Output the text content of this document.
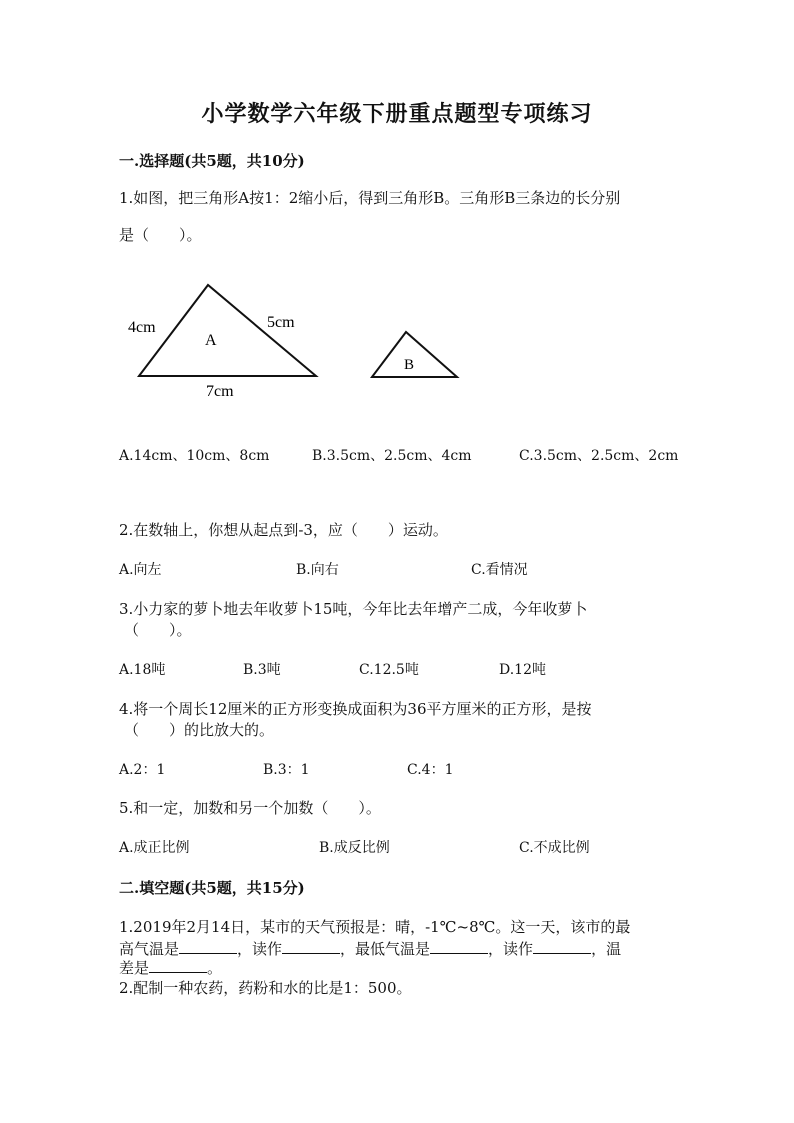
小学数学六年级下册重点题型专项练习
一.选择题(共5题，共10分)
1.如图，把三角形A按1：2缩小后，得到三角形B。三角形B三条边的长分别
是（　　）。
A
4cm	5cm
7cm
B
A.14cm、10cm、8cm	B.3.5cm、2.5cm、4cm	C.3.5cm、2.5cm、2cm
2.在数轴上，你想从起点到-3，应（　　）运动。
A.向左	B.向右	C.看情况
3.小力家的萝卜地去年收萝卜15吨，今年比去年增产二成，今年收萝卜
（　　）。
A.18吨	B.3吨	C.12.5吨	D.12吨
4.将一个周长12厘米的正方形变换成面积为36平方厘米的正方形，是按
（　　）的比放大的。
A.2：1	B.3：1	C.4：1
5.和一定，加数和另一个加数（　　）。
A.成正比例	B.成反比例	C.不成比例
二.填空题(共5题，共15分)
1.2019年2月14日，某市的天气预报是：晴，-1℃~8℃。这一天，该市的最
高气温是	，读作	，最低气温是	，读作	，温
差是	。
2.配制一种农药，药粉和水的比是1：500。
